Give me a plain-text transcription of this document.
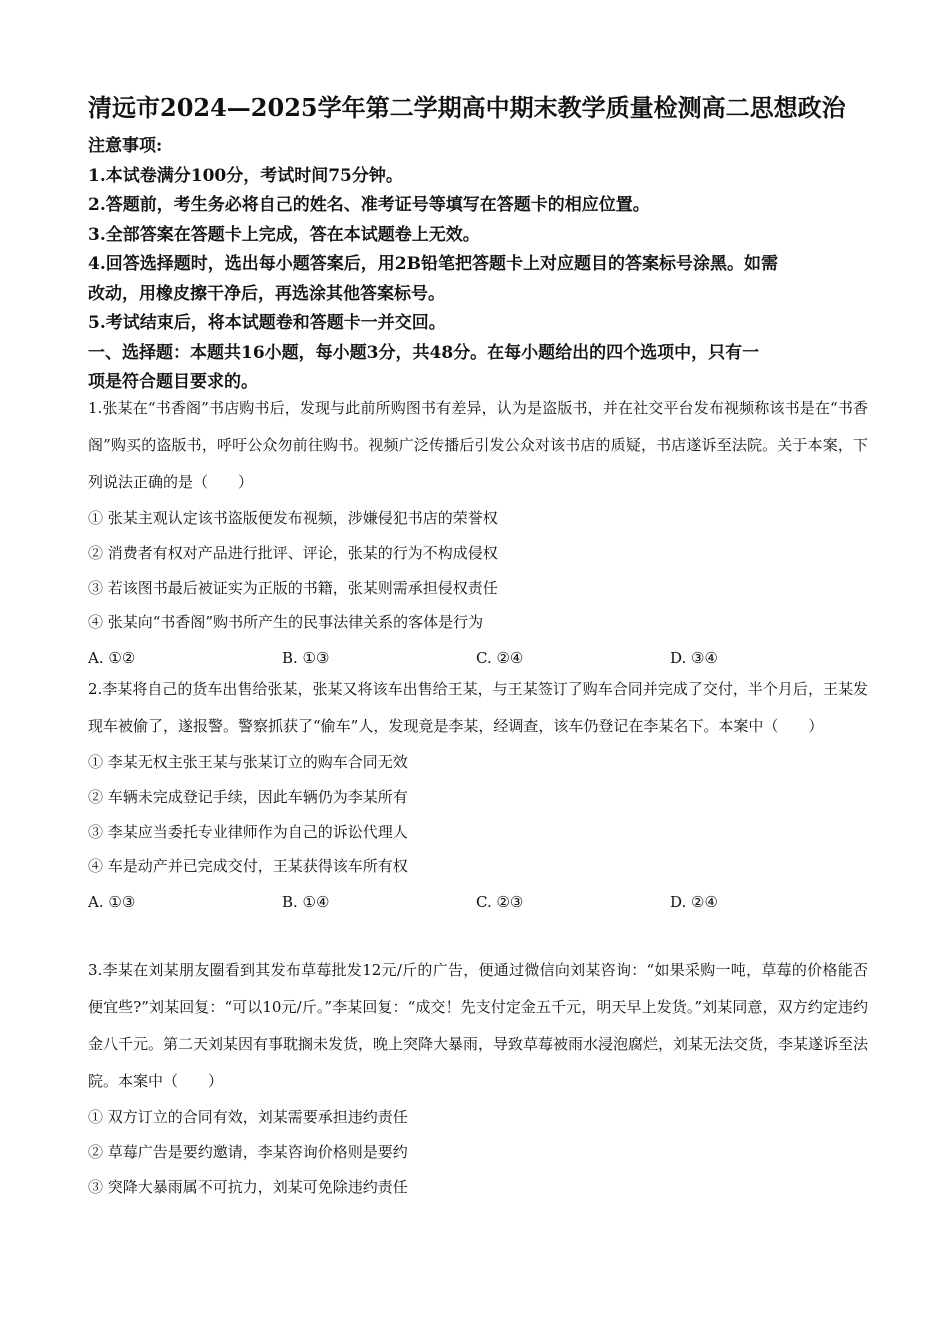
清远市2024—2025学年第二学期高中期末教学质量检测高二思想政治
注意事项:
1.本试卷满分100分，考试时间75分钟。
2.答题前，考生务必将自己的姓名、准考证号等填写在答题卡的相应位置。
3.全部答案在答题卡上完成，答在本试题卷上无效。
4.回答选择题时，选出每小题答案后，用2B铅笔把答题卡上对应题目的答案标号涂黑。如需
改动，用橡皮擦干净后，再选涂其他答案标号。
5.考试结束后，将本试题卷和答题卡一并交回。
一、选择题：本题共16小题，每小题3分，共48分。在每小题给出的四个选项中，只有一
项是符合题目要求的。
1.张某在“书香阁”书店购书后，发现与此前所购图书有差异，认为是盗版书，并在社交平台发布视频称该书是在“书香阁”购买的盗版书，呼吁公众勿前往购书。视频广泛传播后引发公众对该书店的质疑，书店遂诉至法院。关于本案，下列说法正确的是（　　）
① 张某主观认定该书盗版便发布视频，涉嫌侵犯书店的荣誉权
② 消费者有权对产品进行批评、评论，张某的行为不构成侵权
③ 若该图书最后被证实为正版的书籍，张某则需承担侵权责任
④ 张某向“书香阁”购书所产生的民事法律关系的客体是行为
A. ①②	B. ①③	C. ②④	D. ③④
2.李某将自己的货车出售给张某，张某又将该车出售给王某，与王某签订了购车合同并完成了交付，半个月后，王某发现车被偷了，遂报警。警察抓获了“偷车”人，发现竟是李某，经调查，该车仍登记在李某名下。本案中（　　）
① 李某无权主张王某与张某订立的购车合同无效
② 车辆未完成登记手续，因此车辆仍为李某所有
③ 李某应当委托专业律师作为自己的诉讼代理人
④ 车是动产并已完成交付，王某获得该车所有权
A. ①③	B. ①④	C. ②③	D. ②④
3.李某在刘某朋友圈看到其发布草莓批发12元/斤的广告，便通过微信向刘某咨询：“如果采购一吨，草莓的价格能否便宜些?”刘某回复：“可以10元/斤。”李某回复：“成交！先支付定金五千元，明天早上发货。”刘某同意，双方约定违约金八千元。第二天刘某因有事耽搁未发货，晚上突降大暴雨，导致草莓被雨水浸泡腐烂，刘某无法交货，李某遂诉至法院。本案中（　　）
① 双方订立的合同有效，刘某需要承担违约责任
② 草莓广告是要约邀请，李某咨询价格则是要约
③ 突降大暴雨属不可抗力，刘某可免除违约责任
